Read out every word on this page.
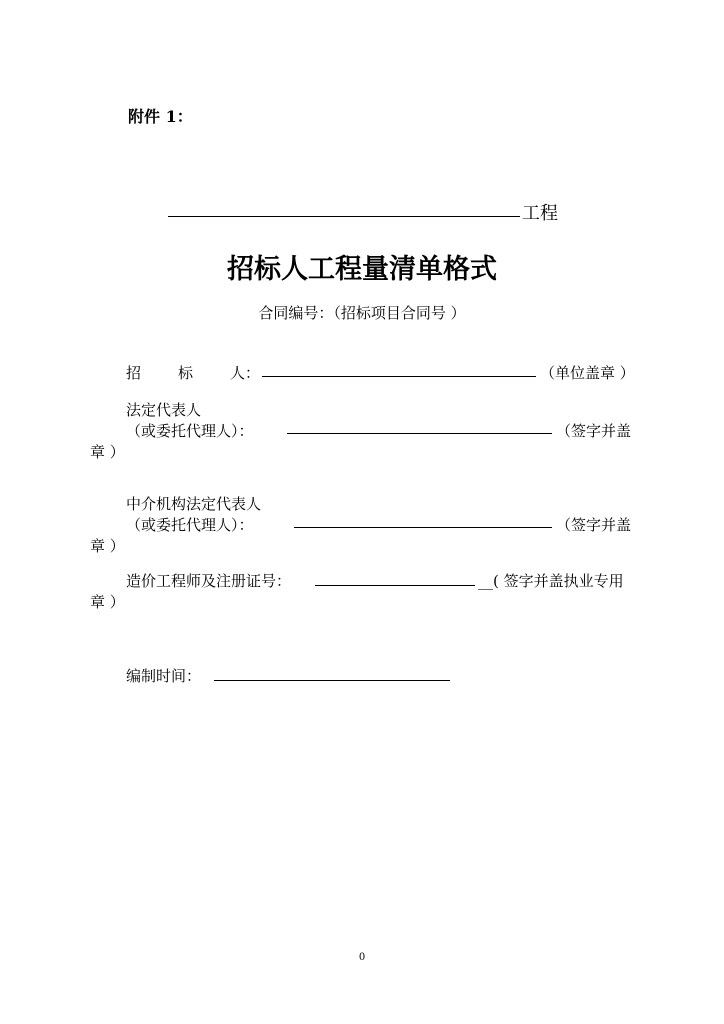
附件 1：
工程
招标人工程量清单格式
合同编号：（招标项目合同号 ）
招 标 人：	（单位盖章 ）
法定代表人
（或委托代理人）：	（签字并盖
章 ）
中介机构法定代表人
（或委托代理人）：	（签字并盖
章 ）
造价工程师及注册证号：	__( 签字并盖执业专用
章 ）
编制时间：
0
